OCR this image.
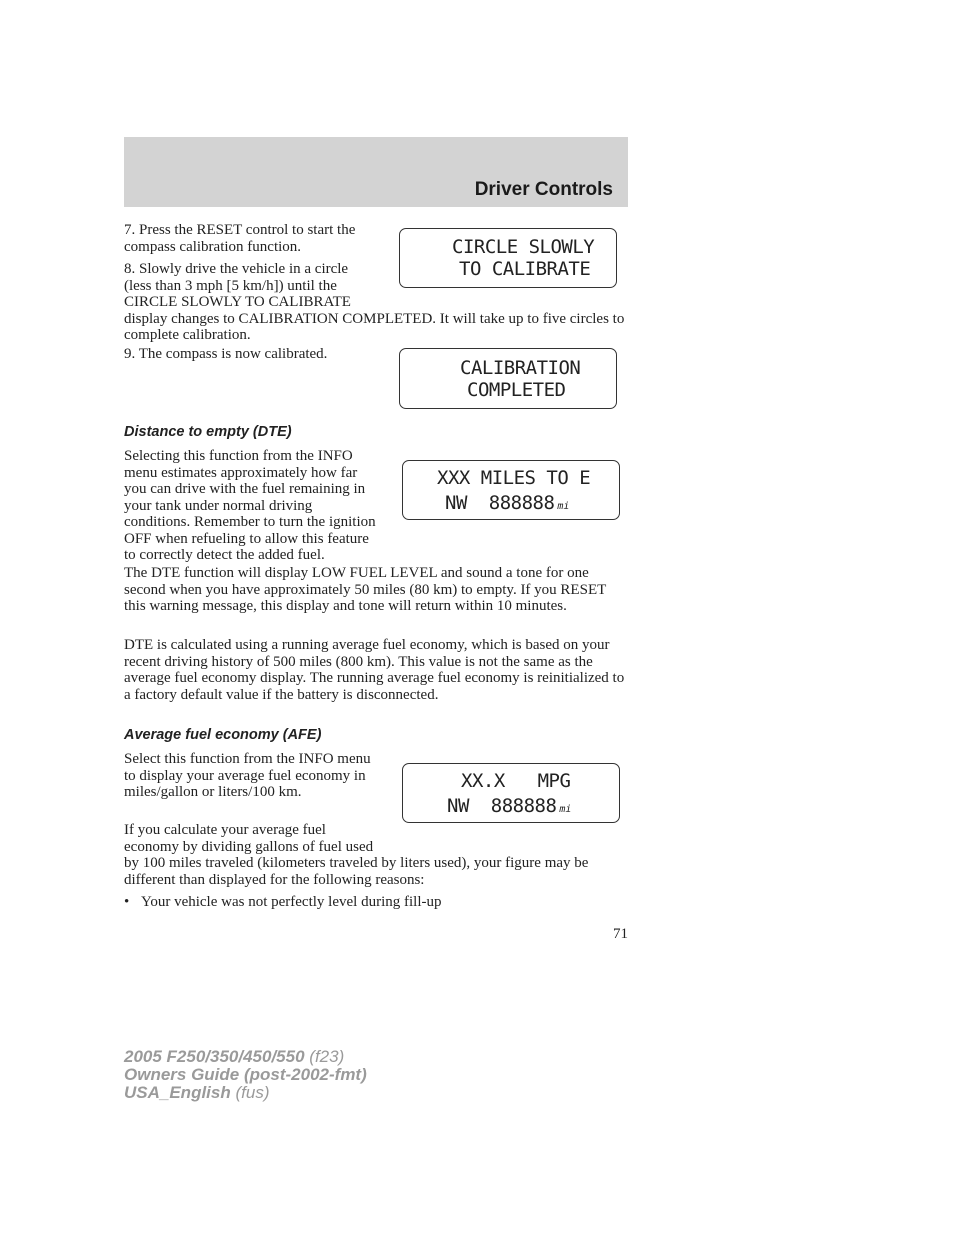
Driver Controls

7. Press the RESET control to start the compass calibration function.

8. Slowly drive the vehicle in a circle (less than 3 mph [5 km/h]) until the CIRCLE SLOWLY TO CALIBRATE display changes to CALIBRATION COMPLETED. It will take up to five circles to complete calibration.

CIRCLE SLOWLY
TO CALIBRATE

9. The compass is now calibrated.

CALIBRATION
COMPLETED
Distance to empty (DTE)

Selecting this function from the INFO menu estimates approximately how far you can drive with the fuel remaining in your tank under normal driving conditions. Remember to turn the ignition OFF when refueling to allow this feature to correctly detect the added fuel.

XXX MILES TO E
NW  888888 mi

The DTE function will display LOW FUEL LEVEL and sound a tone for one second when you have approximately 50 miles (80 km) to empty. If you RESET this warning message, this display and tone will return within 10 minutes.

DTE is calculated using a running average fuel economy, which is based on your recent driving history of 500 miles (800 km). This value is not the same as the average fuel economy display. The running average fuel economy is reinitialized to a factory default value if the battery is disconnected.

Average fuel economy (AFE)

Select this function from the INFO menu to display your average fuel economy in miles/gallon or liters/100 km.	XX.X   MPG
NW  888888 mi

If you calculate your average fuel economy by dividing gallons of fuel used by 100 miles traveled (kilometers traveled by liters used), your figure may be different than displayed for the following reasons:

• Your vehicle was not perfectly level during fill-up
71
2005 F250/350/450/550 (f23)
Owners Guide (post-2002-fmt)
USA_English (fus)
